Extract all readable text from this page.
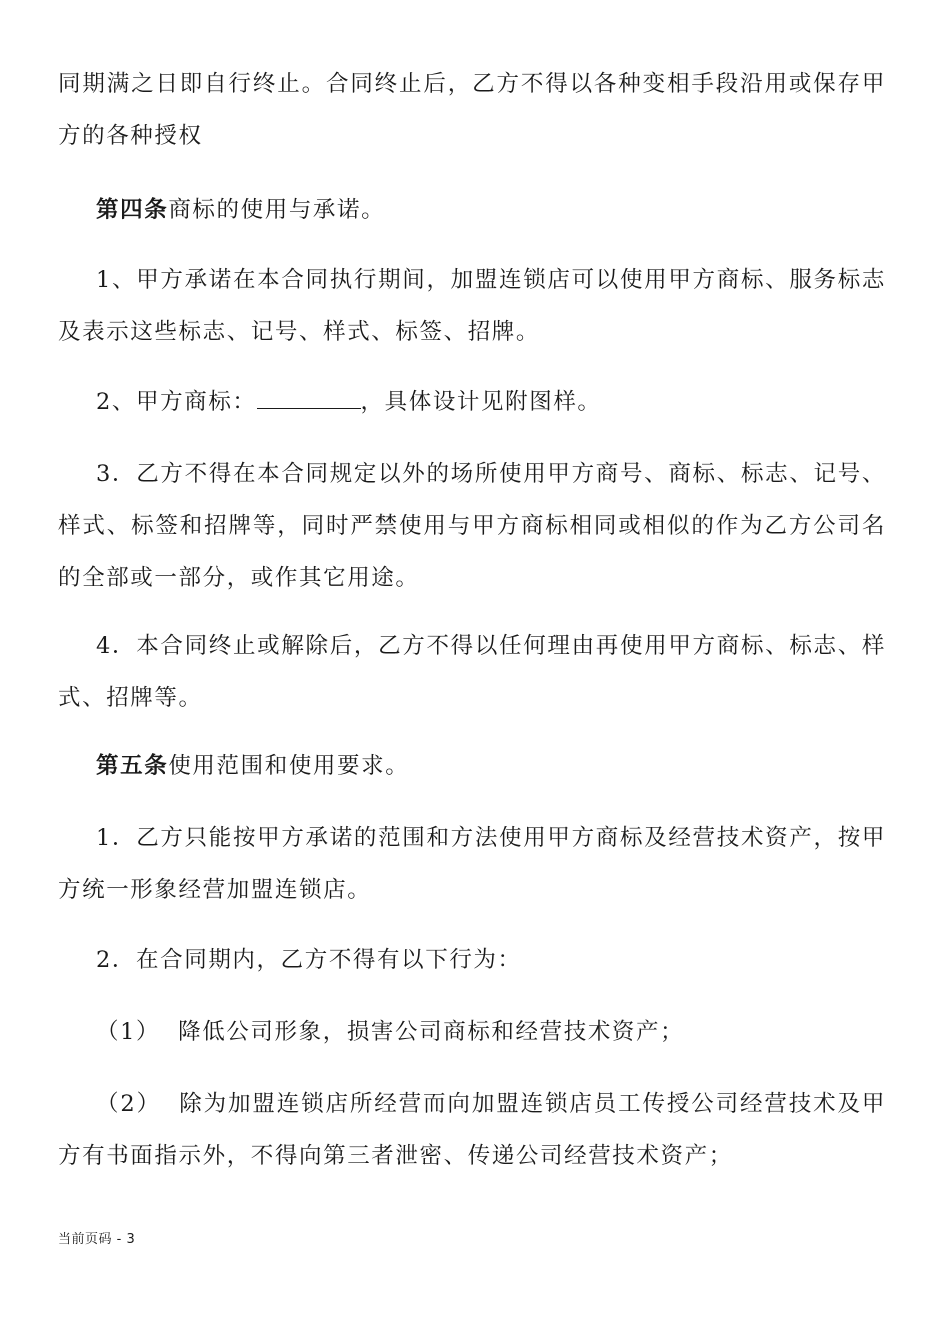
同期满之日即自行终止。合同终止后，乙方不得以各种变相手段沿用或保存甲方的各种授权

第四条商标的使用与承诺。

1、甲方承诺在本合同执行期间，加盟连锁店可以使用甲方商标、服务标志及表示这些标志、记号、样式、标签、招牌。

2、甲方商标：	，具体设计见附图样。

3．乙方不得在本合同规定以外的场所使用甲方商号、商标、标志、记号、样式、标签和招牌等，同时严禁使用与甲方商标相同或相似的作为乙方公司名的全部或一部分，或作其它用途。

4．本合同终止或解除后，乙方不得以任何理由再使用甲方商标、标志、样式、招牌等。

第五条使用范围和使用要求。

1．乙方只能按甲方承诺的范围和方法使用甲方商标及经营技术资产，按甲方统一形象经营加盟连锁店。

2．在合同期内，乙方不得有以下行为：

（1） 降低公司形象，损害公司商标和经营技术资产；

（2） 除为加盟连锁店所经营而向加盟连锁店员工传授公司经营技术及甲方有书面指示外，不得向第三者泄密、传递公司经营技术资产；

当前页码 - 3
